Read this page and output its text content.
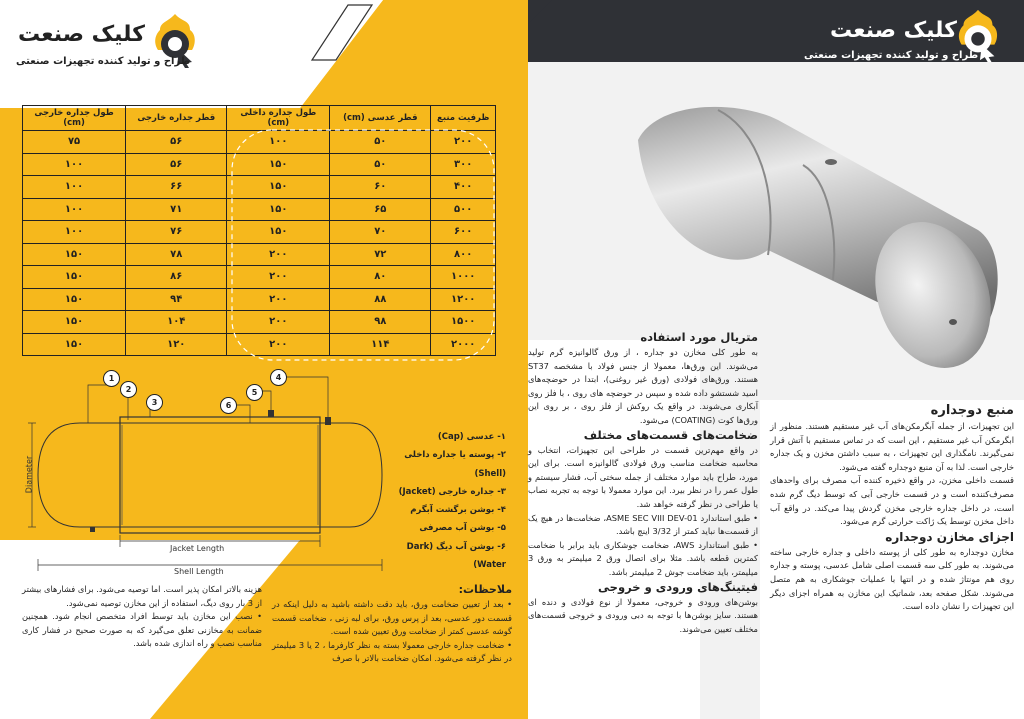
کلیک صنعت
طراح و تولید کننده تجهیزات صنعتی
کلیک صنعت
طراح و تولید کننده تجهیزات صنعتی
ظرفیت منبع	قطر عدسی (cm)	طول جداره داخلی (cm)	قطر جداره خارجی	طول جداره خارجی (cm)
۲۰۰	۵۰	۱۰۰	۵۶	۷۵
۳۰۰	۵۰	۱۵۰	۵۶	۱۰۰
۴۰۰	۶۰	۱۵۰	۶۶	۱۰۰
۵۰۰	۶۵	۱۵۰	۷۱	۱۰۰
۶۰۰	۷۰	۱۵۰	۷۶	۱۰۰
۸۰۰	۷۲	۲۰۰	۷۸	۱۵۰
۱۰۰۰	۸۰	۲۰۰	۸۶	۱۵۰
۱۲۰۰	۸۸	۲۰۰	۹۴	۱۵۰
۱۵۰۰	۹۸	۲۰۰	۱۰۴	۱۵۰
۲۰۰۰	۱۱۴	۲۰۰	۱۲۰	۱۵۰
1
2
3
4
5
6
Diameter
Jacket Length
Shell Length
۱- عدسی (Cap)
۲- پوسته یا جداره داخلی (Shell)
۳- جداره خارجی (Jacket)
۴- بوشن برگشت آبگرم
۵- بوشن آب مصرفی
۶- بوشن آب دیگ (Dark Water)

هزینه بالاتر امکان پذیر است. اما توصیه می‌شود. برای فشارهای بیشتر از 3 بار روی دیگ، استفاده از این مخازن توصیه نمی‌شود.

• نصب این مخازن باید توسط افراد متخصص انجام شود. همچنین ضمانت به مخازنی تعلق می‌گیرد که به صورت صحیح در فشار کاری مناسب نصب و راه اندازی شده باشد.

ملاحظات:

• بعد از تعیین ضخامت ورق، باید دقت داشته باشید به دلیل اینکه در قسمت دور عدسی، بعد از پرس ورق، برای لبه زنی ، ضخامت قسمت گوشه عدسی کمتر از ضخامت ورق تعیین شده است.

• ضخامت جداره خارجی معمولا بسته به نظر کارفرما ، 2 یا 3 میلیمتر در نظر گرفته می‌شود. امکان ضخامت بالاتر با صرف

متریال مورد استفاده

به طور کلی مخازن دو جداره ، از ورق گالوانیزه گرم تولید می‌شوند. این ورق‌ها، معمولا از جنس فولاد با مشخصه ST37 هستند. ورق‌های فولادی (ورق غیر روغنی)، ابتدا در حوضچه‌های اسید شستشو داده شده و سپس در حوضچه های روی ، با فلز روی آبکاری می‌شوند. در واقع یک روکش از فلز روی ، بر روی این ورق‌ها کوت (COATING) می‌شود.

ضخامت‌های قسمت‌های مختلف

در واقع مهم‌ترین قسمت در طراحی این تجهیزات، انتخاب و محاسبه ضخامت مناسب ورق فولادی گالوانیزه است. برای این مورد، طراح باید موارد مختلف از جمله سختی آب، فشار سیستم و طول عمر را در نظر بیرد. این موارد معمولا با توجه به تجربه نصاب یا طراحی در نظر گرفته خواهد شد.

• طبق استاندارد ASME SEC VIII DEV-01، ضخامت‌ها در هیچ یک از قسمت‌ها نباید کمتر از 3/32 اینچ باشد.

• طبق استاندارد AWS، ضخامت جوشکاری باید برابر با ضخامت کمترین قطعه باشد. مثلا برای اتصال ورق 2 میلیمتر به ورق 3 میلیمتر، باید ضخامت جوش 2 میلیمتر باشد.

فیتینگ‌های ورودی و خروجی

بوشن‌های ورودی و خروجی، معمولا از نوع فولادی و دنده ای هستند. سایز بوشن‌ها با توجه به دبی ورودی و خروجی قسمت‌های مختلف تعیین می‌شوند.

منبع دوجداره

این تجهیزات، از جمله آبگرمکن‌های آب غیر مستقیم هستند. منظور از ابگرمکن آب غیر مستقیم ، این است که در تماس مستقیم با آتش قرار نمی‌گیرند. نامگذاری این تجهیزات ، به سبب داشتن مخزن و یک جداره خارجی است. لذا به آن منبع دوجداره گفته می‌شود.

قسمت داخلی مخزن، در واقع ذخیره کننده آب مصرف برای واحدهای مصرف‌کننده است و در قسمت خارجی آبی که توسط دیگ گرم شده است، در داخل جداره خارجی مخزن گردش پیدا می‌کند. در واقع آب داخل مخزن توسط یک ژاکت حرارتی گرم می‌شود.

اجزای مخازن دوجداره

مخازن دوجداره به طور کلی از پوسته داخلی و جداره خارجی ساخته می‌شوند. به طور کلی سه قسمت اصلی شامل عدسی، پوسته و جداره روی هم مونتاژ شده و در انتها با عملیات جوشکاری به هم متصل می‌شوند. شکل صفحه بعد، شماتیک این مخازن به همراه اجزای دیگر این تجهیزات را نشان داده است.
